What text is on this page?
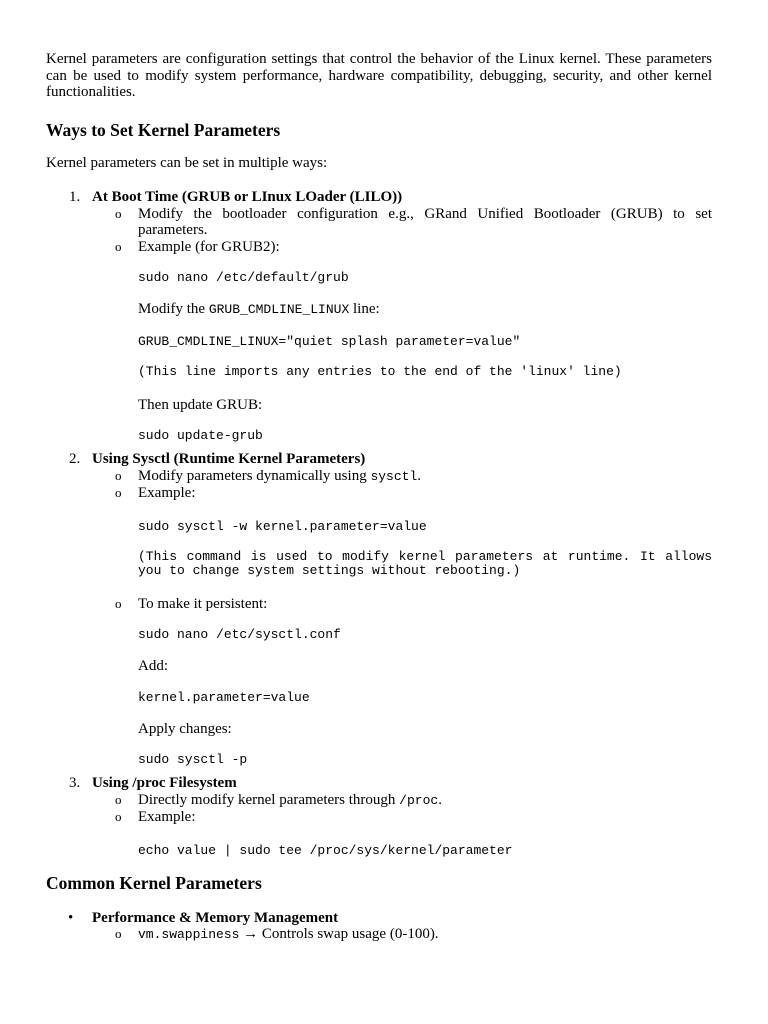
Kernel parameters are configuration settings that control the behavior of the Linux kernel. These parameters can be used to modify system performance, hardware compatibility, debugging, security, and other kernel functionalities.

Ways to Set Kernel Parameters

Kernel parameters can be set in multiple ways:

1. At Boot Time (GRUB or LInux LOader (LILO))
o Modify the bootloader configuration e.g., GRand Unified Bootloader (GRUB) to set parameters.
o Example (for GRUB2):
sudo nano /etc/default/grub

Modify the GRUB_CMDLINE_LINUX line:

GRUB_CMDLINE_LINUX="quiet splash parameter=value"
(This line imports any entries to the end of the 'linux' line)

Then update GRUB:

sudo update-grub
2. Using Sysctl (Runtime Kernel Parameters)
o Modify parameters dynamically using sysctl.
o Example:
sudo sysctl -w kernel.parameter=value
(This command is used to modify kernel parameters at runtime. It allows you to change system settings without rebooting.)
o To make it persistent:
sudo nano /etc/sysctl.conf

Add:

kernel.parameter=value

Apply changes:

sudo sysctl -p
3. Using /proc Filesystem
o Directly modify kernel parameters through /proc.
o Example:
echo value | sudo tee /proc/sys/kernel/parameter
Common Kernel Parameters
• Performance & Memory Management
o vm.swappiness → Controls swap usage (0-100).
